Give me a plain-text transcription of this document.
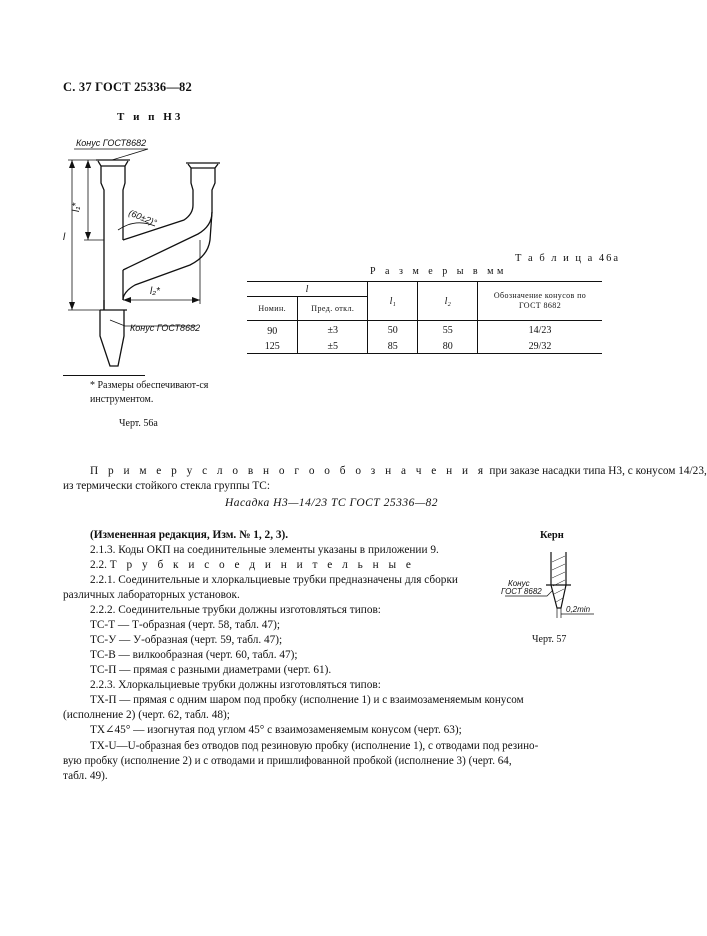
С. 37 ГОСТ 25336—82
Т и п Н3
Конус ГОСТ8682
Конус ГОСТ8682
(60±2)°
l
l₁*
l₂*
Конус
ГОСТ 8682
0,2min
* Размеры обеспечивают-ся инструментом.
Черт. 56а
Т а б л и ц а 46а
Р а з м е р ы в мм
l		l₁	l₂	Обозначение конусов по ГОСТ 8682
Номин.	Пред. откл.			
90	±3	50	55	14/23
125	±5	85	80	29/32
П р и м е р у с л о в н о г о о б о з н а ч е н и я при заказе насадки типа Н3, с конусом 14/23,
из термически стойкого стекла группы ТС:
Насадка Н3—14/23 ТС ГОСТ 25336—82
(Измененная редакция, Изм. № 1, 2, 3).
2.1.3. Коды ОКП на соединительные элементы указаны в приложении 9.
2.2. Т р у б к и с о е д и н и т е л ь н ы е
2.2.1. Соединительные и хлоркальциевые трубки предназначены для сборки
различных лабораторных установок.
2.2.2. Соединительные трубки должны изготовляться типов:
ТС-Т — Т-образная (черт. 58, табл. 47);
ТС-У — У-образная (черт. 59, табл. 47);
ТС-В — вилкообразная (черт. 60, табл. 47);
ТС-П — прямая с разными диаметрами (черт. 61).
2.2.3. Хлоркальциевые трубки должны изготовляться типов:
ТХ-П — прямая с одним шаром под пробку (исполнение 1) и с взаимозаменяемым конусом
(исполнение 2) (черт. 62, табл. 48);
ТХ∠45° — изогнутая под углом 45° с взаимозаменяемым конусом (черт. 63);
ТХ-U—U-образная без отводов под резиновую пробку (исполнение 1), с отводами под резино-
вую пробку (исполнение 2) и с отводами и пришлифованной пробкой (исполнение 3) (черт. 64,
табл. 49).
Керн
Черт. 57
